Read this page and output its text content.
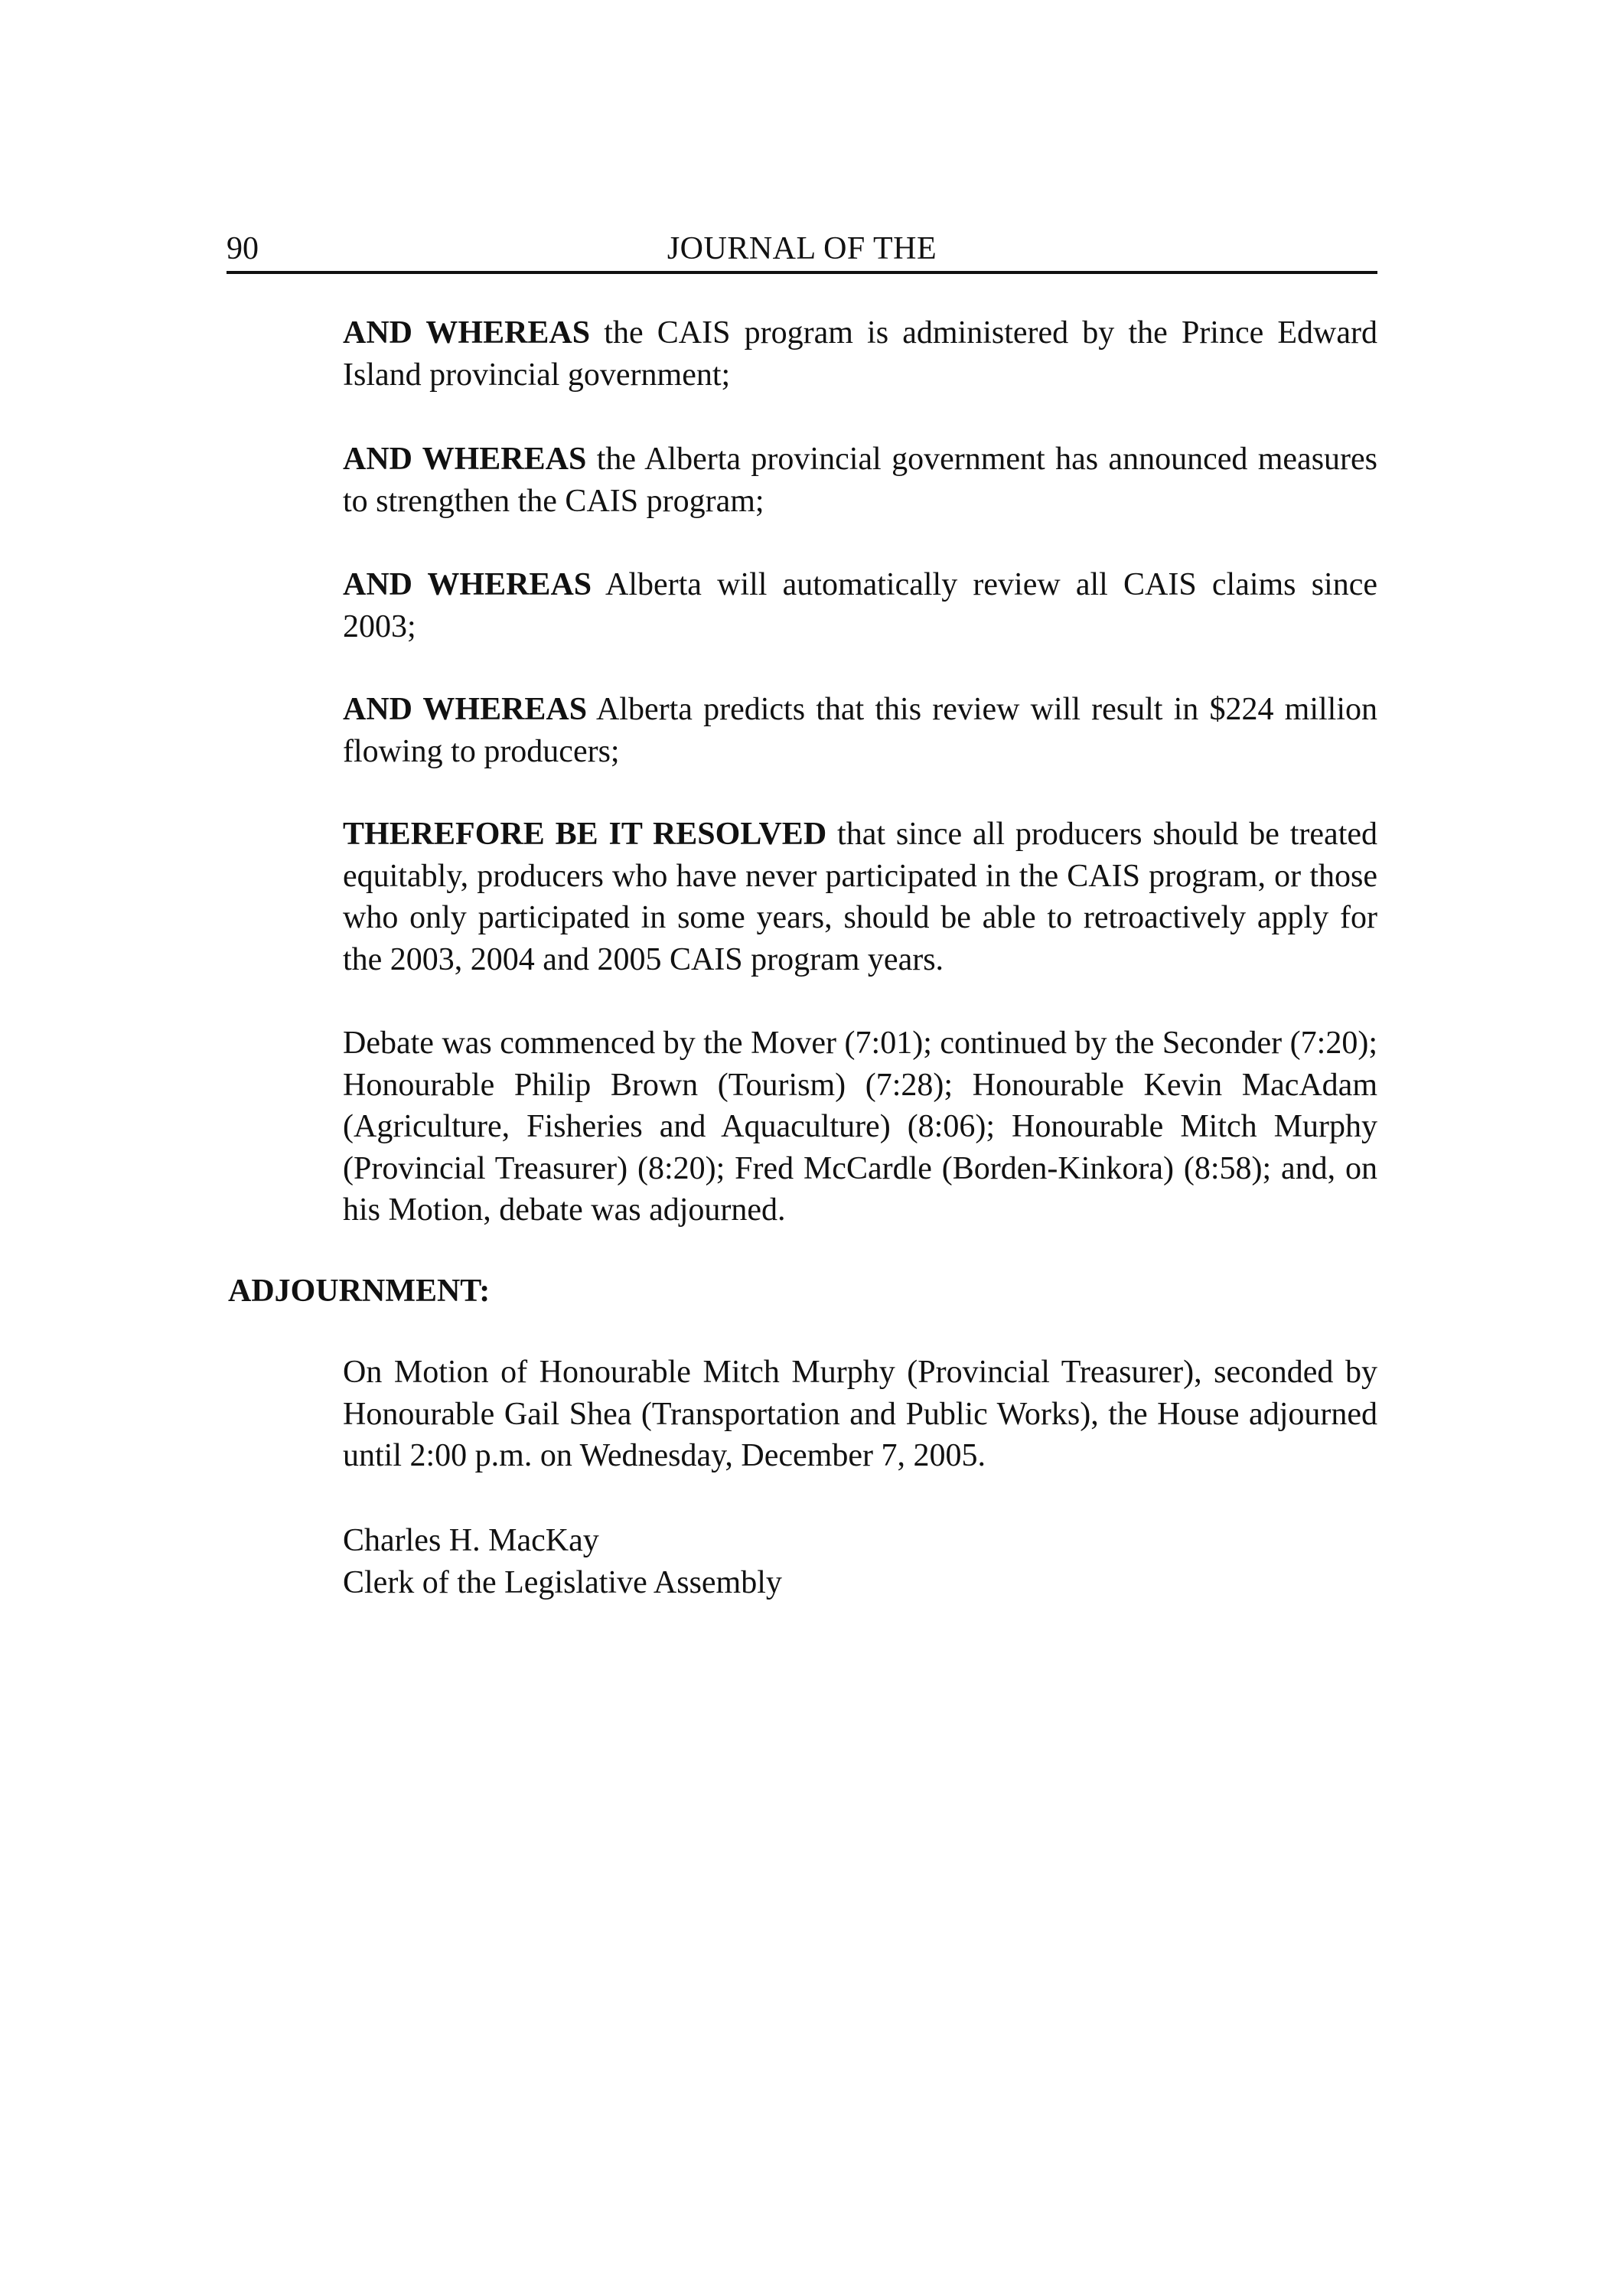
90	JOURNAL OF THE

AND WHEREAS the CAIS program is administered by the Prince Edward Island provincial government;

AND WHEREAS the Alberta provincial government has announced measures to strengthen the CAIS program;

AND WHEREAS Alberta will automatically review all CAIS claims since 2003;

AND WHEREAS Alberta predicts that this review will result in $224 million flowing to producers;

THEREFORE BE IT RESOLVED that since all producers should be treated equitably, producers who have never participated in the CAIS program, or those who only participated in some years, should be able to retroactively apply for the 2003, 2004 and 2005 CAIS program years.

Debate was commenced by the Mover (7:01); continued by the Seconder (7:20); Honourable Philip Brown (Tourism) (7:28); Honourable Kevin MacAdam (Agriculture, Fisheries and Aquaculture) (8:06); Honourable Mitch Murphy (Provincial Treasurer) (8:20); Fred McCardle (Borden-Kinkora) (8:58); and, on his Motion, debate was adjourned.

ADJOURNMENT:

On Motion of Honourable Mitch Murphy (Provincial Treasurer), seconded by Honourable Gail Shea (Transportation and Public Works), the House adjourned until 2:00 p.m. on Wednesday, December 7, 2005.

Charles H. MacKay
Clerk of the Legislative Assembly
